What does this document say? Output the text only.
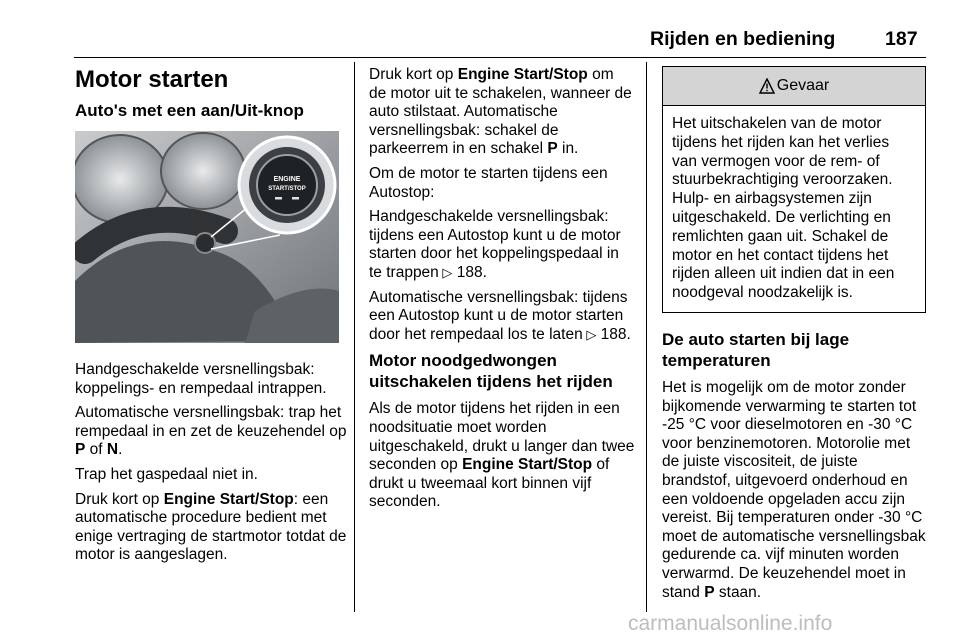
Rijden en bediening	187
Motor starten
Auto's met een aan/Uit-knop
ENGINE
START/STOP

Handgeschakelde versnellingsbak: koppelings- en rempedaal intrappen.

Automatische versnellingsbak: trap het rempedaal in en zet de keuzehendel op P of N.

Trap het gaspedaal niet in.

Druk kort op Engine Start/Stop: een automatische procedure bedient met enige vertraging de startmotor totdat de motor is aangeslagen.

Druk kort op Engine Start/Stop om de motor uit te schakelen, wanneer de auto stilstaat. Automatische versnellingsbak: schakel de parkeerrem in en schakel P in.

Om de motor te starten tijdens een Autostop:

Handgeschakelde versnellingsbak: tijdens een Autostop kunt u de motor starten door het koppelingspedaal in te trappen ▷ 188.

Automatische versnellingsbak: tijdens een Autostop kunt u de motor starten door het rempedaal los te laten ▷ 188.

Motor noodgedwongen uitschakelen tijdens het rijden

Als de motor tijdens het rijden in een noodsituatie moet worden uitgeschakeld, drukt u langer dan twee seconden op Engine Start/Stop of drukt u tweemaal kort binnen vijf seconden.

Gevaar
Het uitschakelen van de motor tijdens het rijden kan het verlies van vermogen voor de rem- of stuurbekrachtiging veroorzaken. Hulp- en airbagsystemen zijn uitgeschakeld. De verlichting en remlichten gaan uit. Schakel de motor en het contact tijdens het rijden alleen uit indien dat in een noodgeval noodzakelijk is.
De auto starten bij lage temperaturen

Het is mogelijk om de motor zonder bijkomende verwarming te starten tot -25 °C voor dieselmotoren en -30 °C voor benzinemotoren. Motorolie met de juiste viscositeit, de juiste brandstof, uitgevoerd onderhoud en een voldoende opgeladen accu zijn vereist. Bij temperaturen onder -30 °C moet de automatische versnellingsbak gedurende ca. vijf minuten worden verwarmd. De keuzehendel moet in stand P staan.

carmanualsonline.info
